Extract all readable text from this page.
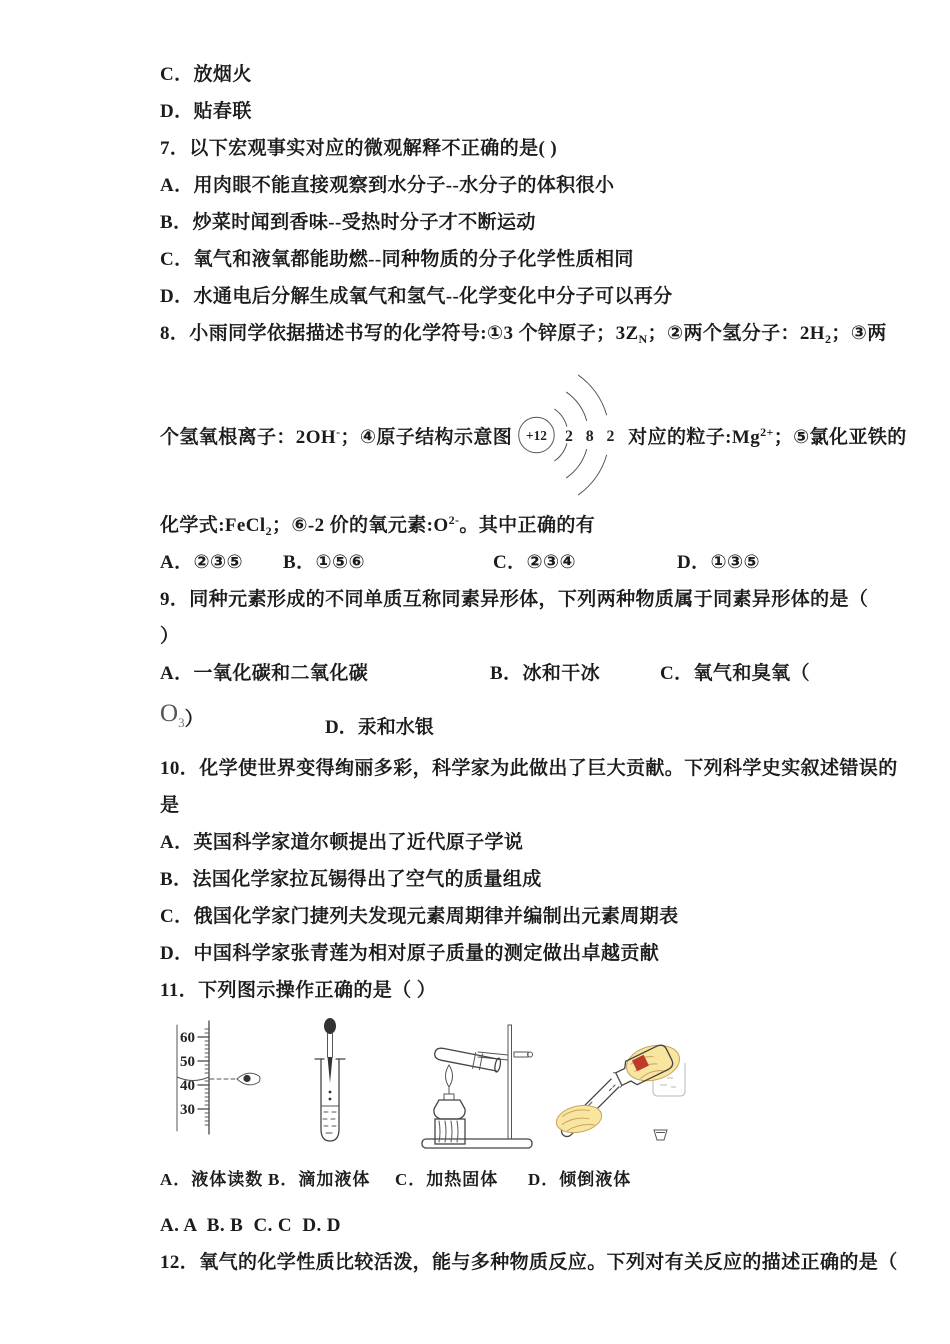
C．放烟火

D．贴春联

7．以下宏观事实对应的微观解释不正确的是( )

A．用肉眼不能直接观察到水分子--水分子的体积很小

B．炒菜时闻到香味--受热时分子才不断运动

C．氧气和液氧都能助燃--同种物质的分子化学性质相同

D．水通电后分解生成氧气和氢气--化学变化中分子可以再分

8．小雨同学依据描述书写的化学符号:①3 个锌原子；$3Z_N$；②两个氢分子：$2H_2$；③两

个氢氧根离子：2OH-；④原子结构示意图 +12 2 8 2 对应的粒子$:Mg^{2+}$；⑤氯化亚铁的

化学式:FeCl$_2$；⑥-2 价的氧元素$:O^{2-}$。其中正确的有

A．②③⑤ B．①⑤⑥	C．②③④	D．①③⑤

9．同种元素形成的不同单质互称同素异形体，下列两种物质属于同素异形体的是（

）

A．一氧化碳和二氧化碳	B．冰和干冰	C．氧气和臭氧（
$O_3$）	D．汞和水银

10．化学使世界变得绚丽多彩，科学家为此做出了巨大贡献。下列科学史实叙述错误的

是

A．英国科学家道尔顿提出了近代原子学说

B．法国化学家拉瓦锡得出了空气的质量组成

C．俄国化学家门捷列夫发现元素周期律并编制出元素周期表

D．中国科学家张青莲为相对原子质量的测定做出卓越贡献

11．下列图示操作正确的是（ ）

60
50
40
30
A．液体读数 B．滴加液体 C．加热固体 D．倾倒液体

A. A  B. B  C. C  D. D

12．氧气的化学性质比较活泼，能与多种物质反应。下列对有关反应的描述正确的是（
